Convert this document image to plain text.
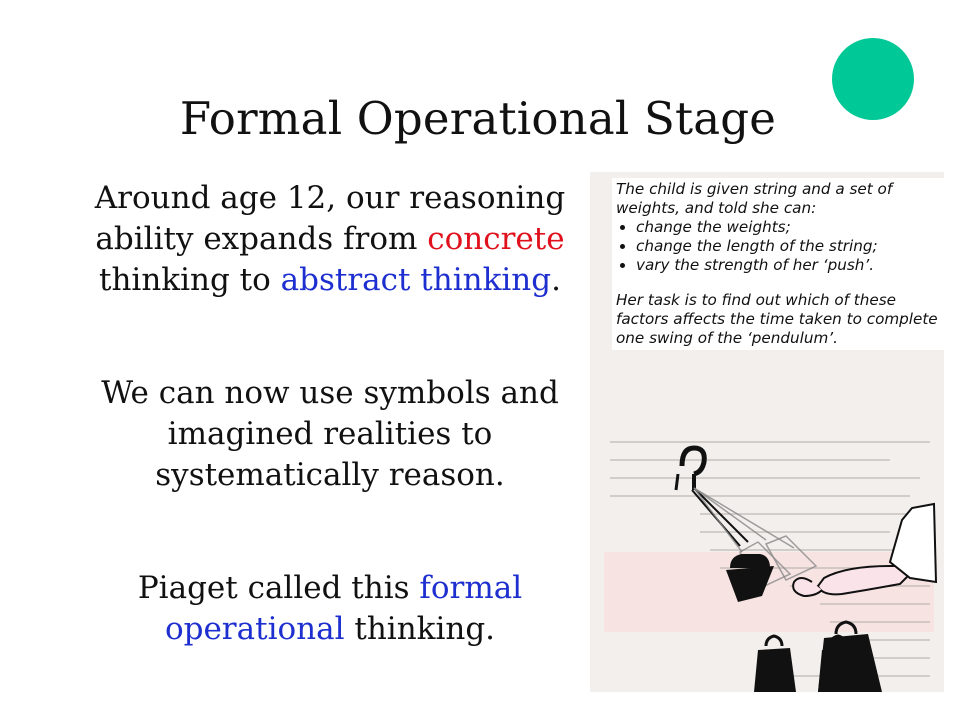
Formal Operational Stage
Around age 12, our reasoning ability expands from concrete thinking to abstract thinking.
We can now use symbols and imagined realities to systematically reason.
Piaget called this formal operational thinking.

The child is given string and a set of weights, and told she can:

• change the weights;
• change the length of the string;
• vary the strength of her ‘push’.

Her task is to find out which of these factors affects the time taken to complete one swing of the ‘pendulum’.
